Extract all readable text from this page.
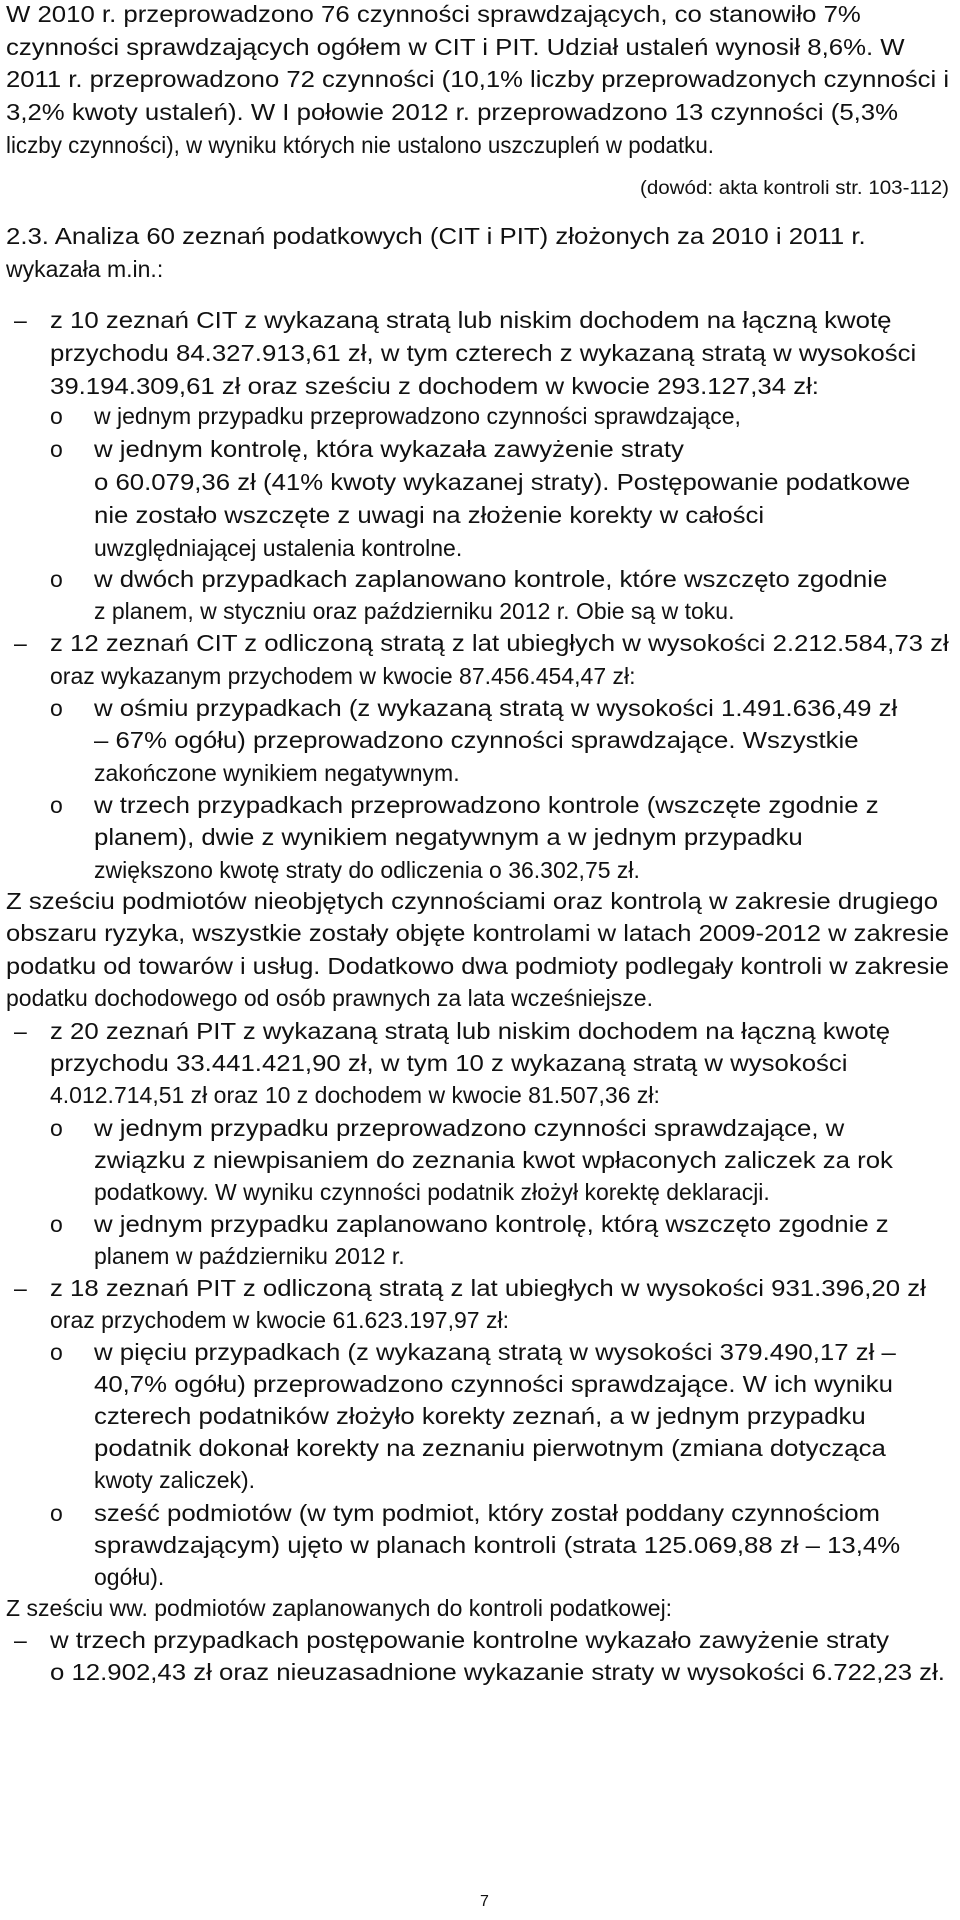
W 2010 r. przeprowadzono 76 czynności sprawdzających, co stanowiło 7%
czynności sprawdzających ogółem w CIT i PIT. Udział ustaleń wynosił 8,6%. W
2011 r. przeprowadzono 72 czynności (10,1% liczby przeprowadzonych czynności i
3,2% kwoty ustaleń). W I połowie 2012 r. przeprowadzono 13 czynności (5,3%
liczby czynności), w wyniku których nie ustalono uszczupleń w podatku.
(dowód: akta kontroli str. 103-112)
2.3. Analiza 60 zeznań podatkowych (CIT i PIT) złożonych za 2010 i 2011 r.
wykazała m.in.:
z 10 zeznań CIT z wykazaną stratą lub niskim dochodem na łączną kwotę
przychodu 84.327.913,61 zł, w tym czterech z wykazaną stratą w wysokości
39.194.309,61 zł oraz sześciu z dochodem w kwocie 293.127,34 zł:
w jednym przypadku przeprowadzono czynności sprawdzające,
w jednym kontrolę, która wykazała zawyżenie straty
o 60.079,36 zł (41% kwoty wykazanej straty). Postępowanie podatkowe
nie zostało wszczęte z uwagi na złożenie korekty w całości
uwzględniającej ustalenia kontrolne.
w dwóch przypadkach zaplanowano kontrole, które wszczęto zgodnie
z planem, w styczniu oraz październiku 2012 r. Obie są w toku.
z 12 zeznań CIT z odliczoną stratą z lat ubiegłych w wysokości 2.212.584,73 zł
oraz wykazanym przychodem w kwocie 87.456.454,47 zł:
w ośmiu przypadkach (z wykazaną stratą w wysokości 1.491.636,49 zł
– 67% ogółu) przeprowadzono czynności sprawdzające. Wszystkie
zakończone wynikiem negatywnym.
w trzech przypadkach przeprowadzono kontrole (wszczęte zgodnie z
planem), dwie z wynikiem negatywnym a w jednym przypadku
zwiększono kwotę straty do odliczenia o 36.302,75 zł.
Z sześciu podmiotów nieobjętych czynnościami oraz kontrolą w zakresie drugiego
obszaru ryzyka, wszystkie zostały objęte kontrolami w latach 2009-2012 w zakresie
podatku od towarów i usług. Dodatkowo dwa podmioty podlegały kontroli w zakresie
podatku dochodowego od osób prawnych za lata wcześniejsze.
z 20 zeznań PIT z wykazaną stratą lub niskim dochodem na łączną kwotę
przychodu 33.441.421,90 zł, w tym 10 z wykazaną stratą w wysokości
4.012.714,51 zł oraz 10 z dochodem w kwocie 81.507,36 zł:
w jednym przypadku przeprowadzono czynności sprawdzające, w
związku z niewpisaniem do zeznania kwot wpłaconych zaliczek za rok
podatkowy. W wyniku czynności podatnik złożył korektę deklaracji.
w jednym przypadku zaplanowano kontrolę, którą wszczęto zgodnie z
planem w październiku 2012 r.
z 18 zeznań PIT z odliczoną stratą z lat ubiegłych w wysokości 931.396,20 zł
oraz przychodem w kwocie 61.623.197,97 zł:
w pięciu przypadkach (z wykazaną stratą w wysokości 379.490,17 zł –
40,7% ogółu) przeprowadzono czynności sprawdzające. W ich wyniku
czterech podatników złożyło korekty zeznań, a w jednym przypadku
podatnik dokonał korekty na zeznaniu pierwotnym (zmiana dotycząca
kwoty zaliczek).
sześć podmiotów (w tym podmiot, który został poddany czynnościom
sprawdzającym) ujęto w planach kontroli (strata 125.069,88 zł – 13,4%
ogółu).
Z sześciu ww. podmiotów zaplanowanych do kontroli podatkowej:
w trzech przypadkach postępowanie kontrolne wykazało zawyżenie straty
o 12.902,43 zł oraz nieuzasadnione wykazanie straty w wysokości 6.722,23 zł.
–
o
o
o
–
o
o
–
o
o
–
o
o
–
7
